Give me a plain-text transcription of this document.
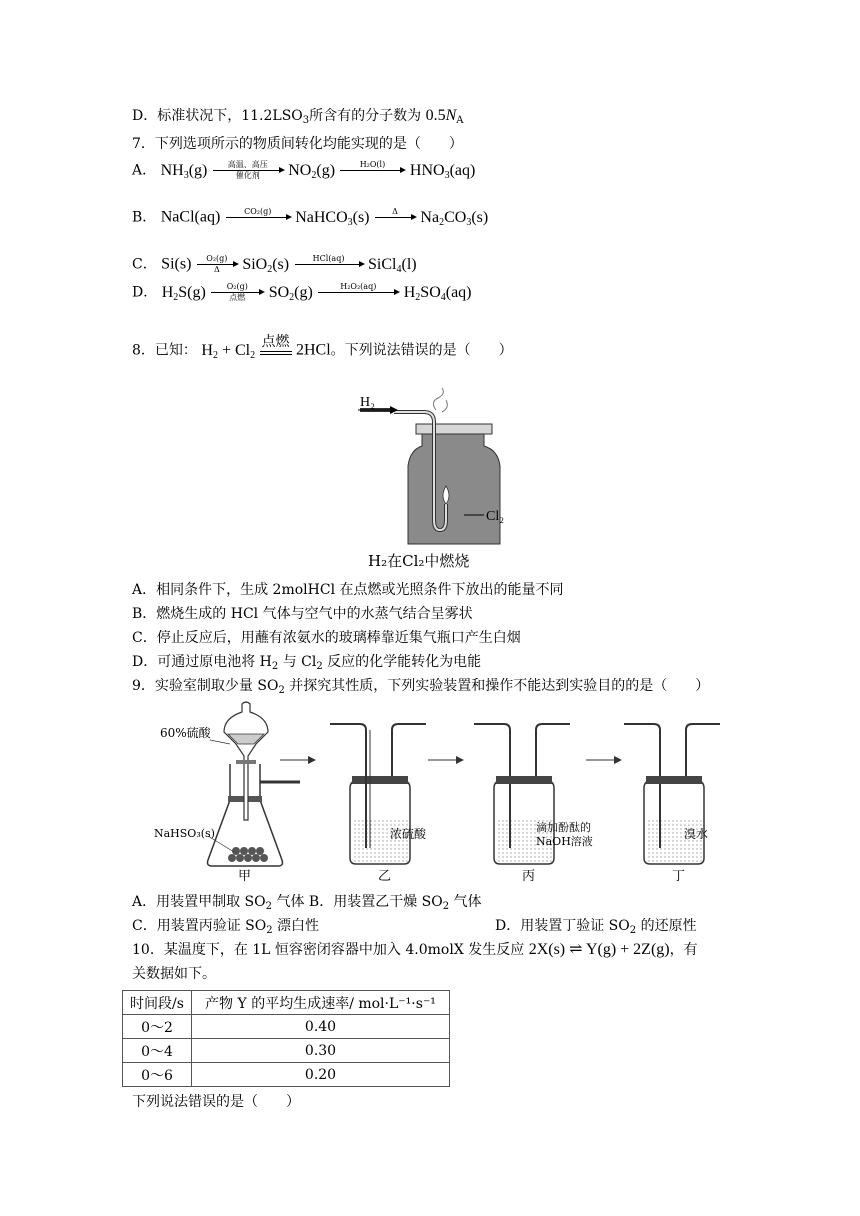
D．标准状况下，$11.2LSO_3$所含有的分子数为 $0.5N_A$
7．下列选项所示的物质间转化均能实现的是（　　）
A． $NH_3(g)$	高温、高压
催化剂	$NO_2(g)$	H₂O(l)
	$HNO_3(aq)$
B． NaCl(aq)	CO₂(g)
	NaHCO$_3$(s)	Δ
	$Na_2CO_3(s)$
C． $Si(s) \frac{\text{O₂(g)}}{\Delta} SiO_2(s)$	HCl(aq)
	SiCl$_4$(l)
D． $H_2S(g)$	O₂(g)
点燃	$SO_2(g)$	H₂O₂(aq)
	$H_2SO_4(aq)$
8．已知： $H_2 + Cl_2$
点燃 2HCl。下列说法错误的是（　　）
H₂
Cl₂
H₂在Cl₂中燃烧
A．相同条件下，生成 2molHCl 在点燃或光照条件下放出的能量不同
B．燃烧生成的 HCl 气体与空气中的水蒸气结合呈雾状
C．停止反应后，用蘸有浓氨水的玻璃棒靠近集气瓶口产生白烟
D．可通过原电池将 $H_2$ 与 $Cl_2$ 反应的化学能转化为电能
9．实验室制取少量 $SO_2$ 并探究其性质，下列实验装置和操作不能达到实验目的的是（　　）
60%硫酸
NaHSO₃(s)
甲	乙
浓硫酸
丙
滴加酚酞的
NaOH溶液
丁
溴水
A．用装置甲制取 $SO_2$ 气体 B．用装置乙干燥 $SO_2$ 气体
C．用装置丙验证 $SO_2$ 漂白性	D．用装置丁验证 $SO_2$ 的还原性
10．某温度下，在 1L 恒容密闭容器中加入 4.0molX 发生反应 2X(s) ⇌ Y(g) + 2Z(g)，有
关数据如下。
时间段/s	产物 Y 的平均生成速率/ mol·L⁻¹·s⁻¹
0～2	0.40
0～4	0.30
0～6	0.20
下列说法错误的是（　　）
